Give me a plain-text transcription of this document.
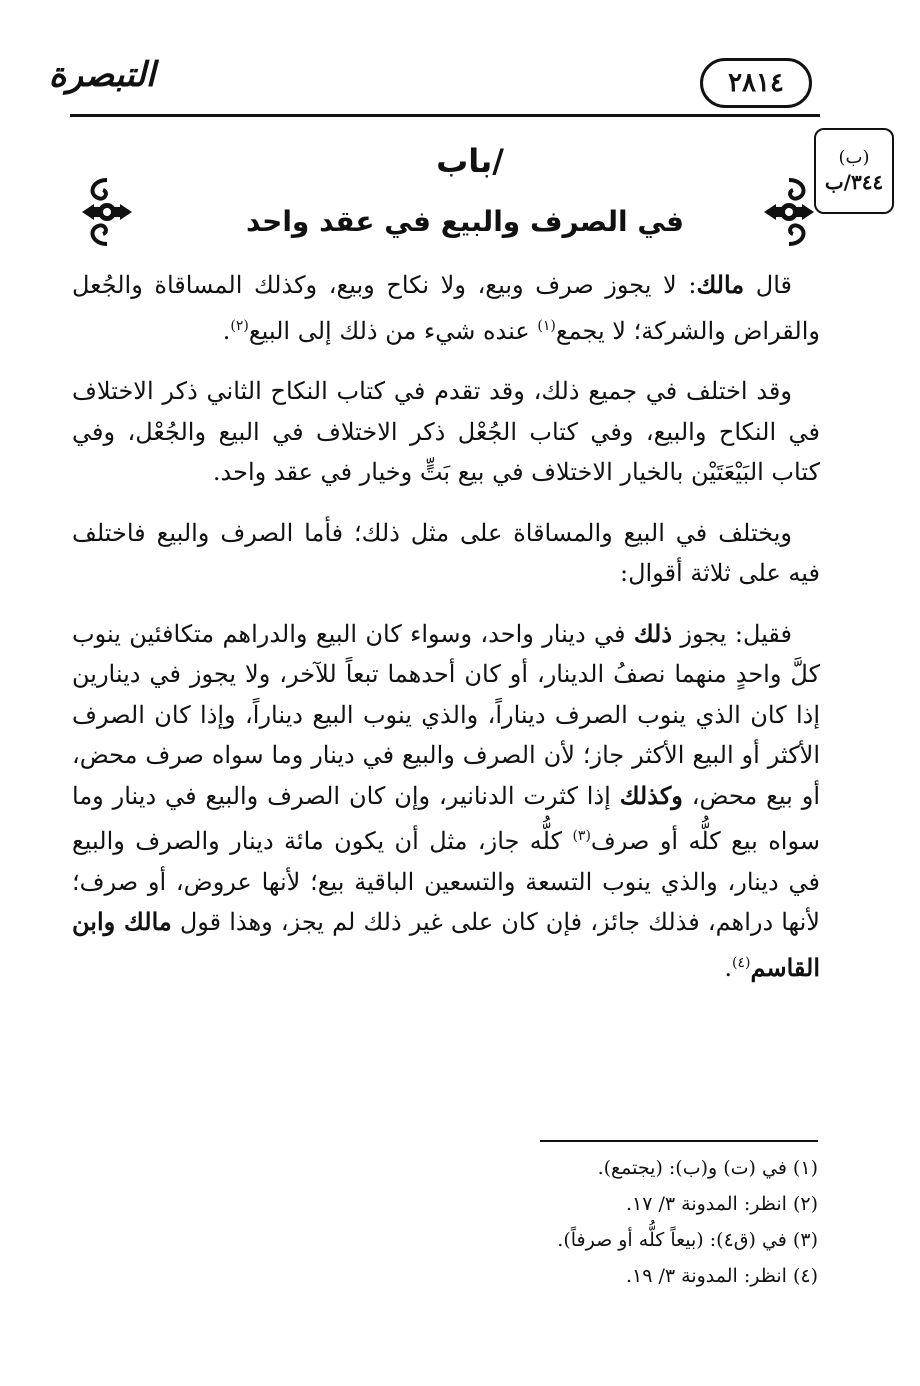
التبصرة	٢٨١٤
(ب)
٣٤٤/ب
/باب
في الصرف والبيع في عقد واحد

قال مالك: لا يجوز صرف وبيع، ولا نكاح وبيع، وكذلك المساقاة والجُعل والقراض والشركة؛ لا يجمع$^{(١)}$ عنده شيء من ذلك إلى البيع$^{(٢)}$.

وقد اختلف في جميع ذلك، وقد تقدم في كتاب النكاح الثاني ذكر الاختلاف في النكاح والبيع، وفي كتاب الجُعْل ذكر الاختلاف في البيع والجُعْل، وفي كتاب البَيْعَتَيْن بالخيار الاختلاف في بيع بَتٍّ وخيار في عقد واحد.

ويختلف في البيع والمساقاة على مثل ذلك؛ فأما الصرف والبيع فاختلف فيه على ثلاثة أقوال:

فقيل: يجوز ذلك في دينار واحد، وسواء كان البيع والدراهم متكافئين ينوب كلَّ واحدٍ منهما نصفُ الدينار، أو كان أحدهما تبعاً للآخر، ولا يجوز في دينارين إذا كان الذي ينوب الصرف ديناراً، والذي ينوب البيع ديناراً، وإذا كان الصرف الأكثر أو البيع الأكثر جاز؛ لأن الصرف والبيع في دينار وما سواه صرف محض، أو بيع محض، وكذلك إذا كثرت الدنانير، وإن كان الصرف والبيع في دينار وما سواه بيع كلُّه أو صرف$^{(٣)}$ كلُّه جاز، مثل أن يكون مائة دينار والصرف والبيع في دينار، والذي ينوب التسعة والتسعين الباقية بيع؛ لأنها عروض، أو صرف؛ لأنها دراهم، فذلك جائز، فإن كان على غير ذلك لم يجز، وهذا قول مالك وابن القاسم$^{(٤)}$.

(١) في (ت) و(ب): (يجتمع).
(٢) انظر: المدونة ٣/ ١٧.
(٣) في (ق٤): (بيعاً كلُّه أو صرفاً).
(٤) انظر: المدونة ٣/ ١٩.
